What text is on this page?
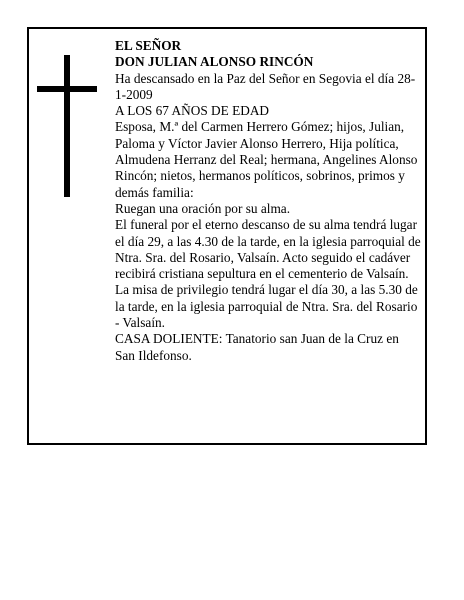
EL SEÑOR

DON JULIAN ALONSO RINCÓN

Ha descansado en la Paz del Señor en Segovia el día 28-1-2009

A LOS 67 AÑOS DE EDAD

Esposa, M.ª del Carmen Herrero Gómez; hijos, Julian, Paloma y Víctor Javier Alonso Herrero, Hija política, Almudena Herranz del Real; hermana, Angelines Alonso Rincón; nietos, hermanos políticos, sobrinos, primos y demás familia:

Ruegan una oración por su alma.

El funeral por el eterno descanso de su alma tendrá lugar el día 29, a las 4.30 de la tarde, en la iglesia parroquial de Ntra. Sra. del Rosario, Valsaín. Acto seguido el cadáver recibirá cristiana sepultura en el cementerio de Valsaín.

La misa de privilegio tendrá lugar el día 30, a las 5.30 de la tarde, en la iglesia parroquial de Ntra. Sra. del Rosario - Valsaín.

CASA DOLIENTE: Tanatorio san Juan de la Cruz en San Ildefonso.
